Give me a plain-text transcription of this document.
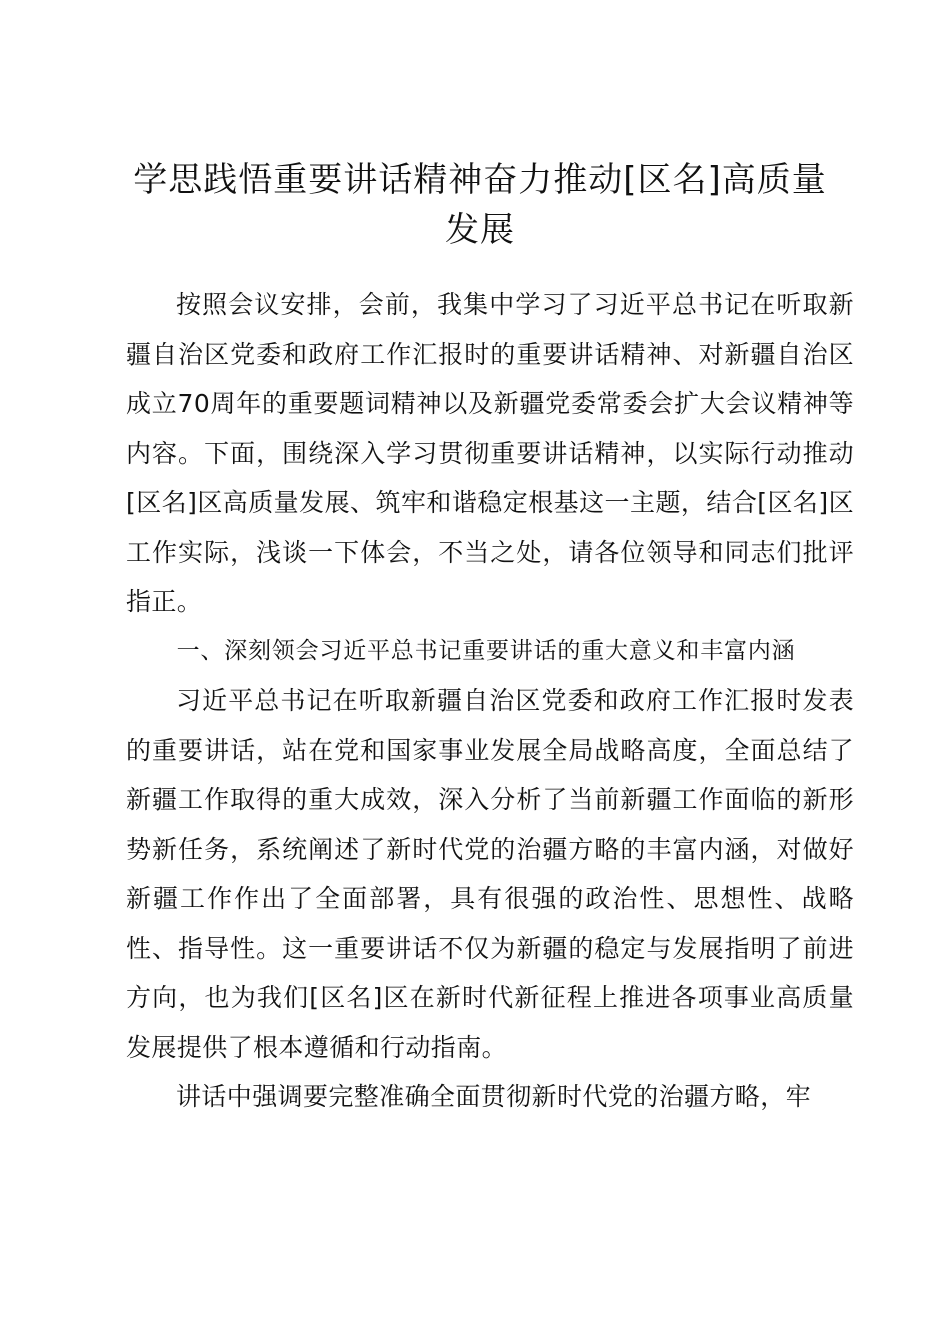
学思践悟重要讲话精神奋力推动[区名]高质量发展

按照会议安排，会前，我集中学习了习近平总书记在听取新疆自治区党委和政府工作汇报时的重要讲话精神、对新疆自治区成立70周年的重要题词精神以及新疆党委常委会扩大会议精神等内容。下面，围绕深入学习贯彻重要讲话精神，以实际行动推动[区名]区高质量发展、筑牢和谐稳定根基这一主题，结合[区名]区工作实际，浅谈一下体会，不当之处，请各位领导和同志们批评指正。

一、深刻领会习近平总书记重要讲话的重大意义和丰富内涵

习近平总书记在听取新疆自治区党委和政府工作汇报时发表的重要讲话，站在党和国家事业发展全局战略高度，全面总结了新疆工作取得的重大成效，深入分析了当前新疆工作面临的新形势新任务，系统阐述了新时代党的治疆方略的丰富内涵，对做好新疆工作作出了全面部署，具有很强的政治性、思想性、战略性、指导性。这一重要讲话不仅为新疆的稳定与发展指明了前进方向，也为我们[区名]区在新时代新征程上推进各项事业高质量发展提供了根本遵循和行动指南。

讲话中强调要完整准确全面贯彻新时代党的治疆方略，牢
